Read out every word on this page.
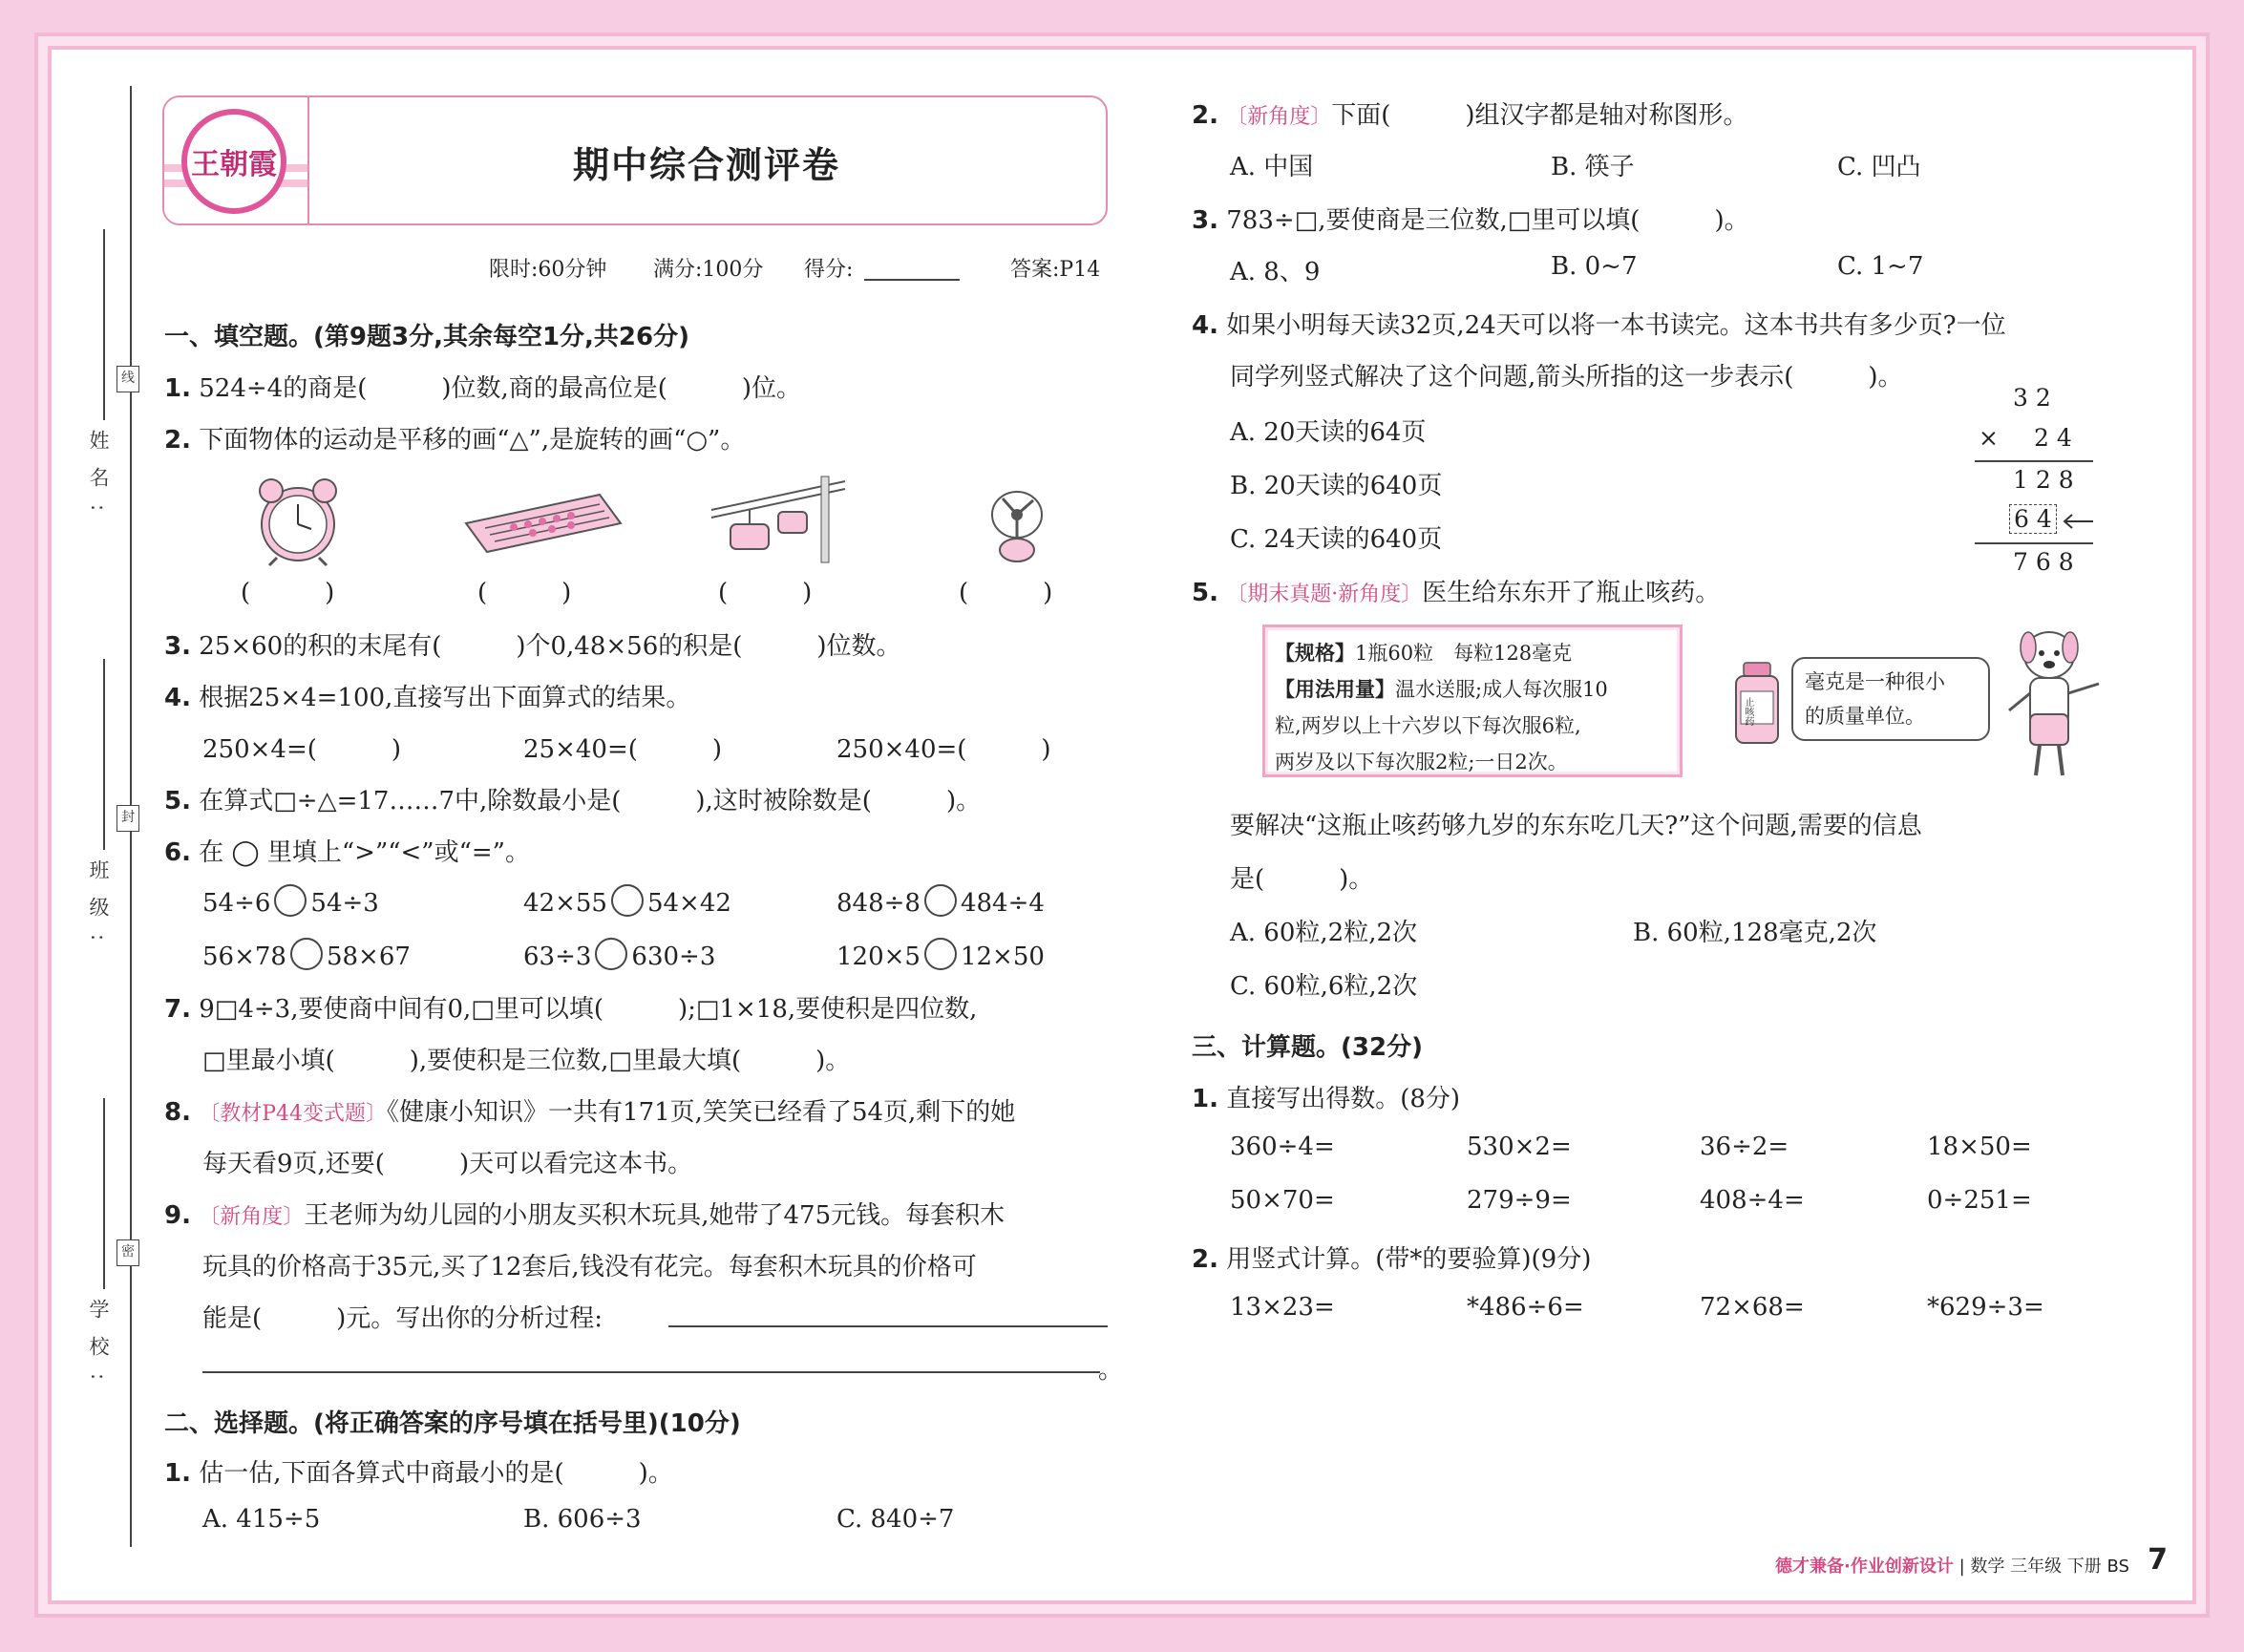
姓名:
线
班级:
封
学校:
密
王朝霞	期中综合测评卷
限时:60分钟 满分:100分 得分:	答案:P14
一、填空题。(第9题3分,其余每空1分,共26分)
1. 524÷4的商是(　　　)位数,商的最高位是(　　　)位。
2. 下面物体的运动是平移的画“△”,是旋转的画“○”。
(　　　)	(　　　)	(　　　)	(　　　)
3. 25×60的积的末尾有(　　　)个0,48×56的积是(　　　)位数。
4. 根据25×4=100,直接写出下面算式的结果。
250×4=(　　　)	25×40=(　　　)	250×40=(　　　)
5. 在算式□÷△=17……7中,除数最小是(　　　),这时被除数是(　　　)。
6. 在 ◯ 里填上“>”“<”或“=”。
54÷6 54÷3	42×55 54×42	848÷8 484÷4
56×78 58×67	63÷3 630÷3	120×5 12×50
7. 9□4÷3,要使商中间有0,□里可以填(　　　);□1×18,要使积是四位数,
□里最小填(　　　),要使积是三位数,□里最大填(　　　)。
8. 〔教材P44变式题〕《健康小知识》一共有171页,笑笑已经看了54页,剩下的她
每天看9页,还要(　　　)天可以看完这本书。
9. 〔新角度〕王老师为幼儿园的小朋友买积木玩具,她带了475元钱。每套积木
玩具的价格高于35元,买了12套后,钱没有花完。每套积木玩具的价格可
能是(　　　)元。写出你的分析过程:
。
二、选择题。(将正确答案的序号填在括号里)(10分)
1. 估一估,下面各算式中商最小的是(　　　)。
A. 415÷5	B. 606÷3	C. 840÷7
2. 〔新角度〕下面(　　　)组汉字都是轴对称图形。
A. 中国	B. 筷子	C. 凹凸
3. 783÷□,要使商是三位数,□里可以填(　　　)。
A. 8、9	B. 0~7	C. 1~7
4. 如果小明每天读32页,24天可以将一本书读完。这本书共有多少页?一位
同学列竖式解决了这个问题,箭头所指的这一步表示(　　　)。
A. 20天读的64页
B. 20天读的640页
C. 24天读的640页
3 2
× 2 4
1 2 8
6 4
7 6 8
5. 〔期末真题·新角度〕医生给东东开了瓶止咳药。
【规格】1瓶60粒　每粒128毫克
【用法用量】温水送服;成人每次服10
粒,两岁以上十六岁以下每次服6粒,
两岁及以下每次服2粒;一日2次。
止咳药
毫克是一种很小
的质量单位。
要解决“这瓶止咳药够九岁的东东吃几天?”这个问题,需要的信息
是(　　　)。
A. 60粒,2粒,2次	B. 60粒,128毫克,2次
C. 60粒,6粒,2次
三、计算题。(32分)
1. 直接写出得数。(8分)
360÷4=	530×2=	36÷2=	18×50=
50×70=	279÷9=	408÷4=	0÷251=
2. 用竖式计算。(带*的要验算)(9分)
13×23=	*486÷6=	72×68=	*629÷3=
德才兼备·作业创新设计 | 数学 三年级 下册 BS 7
